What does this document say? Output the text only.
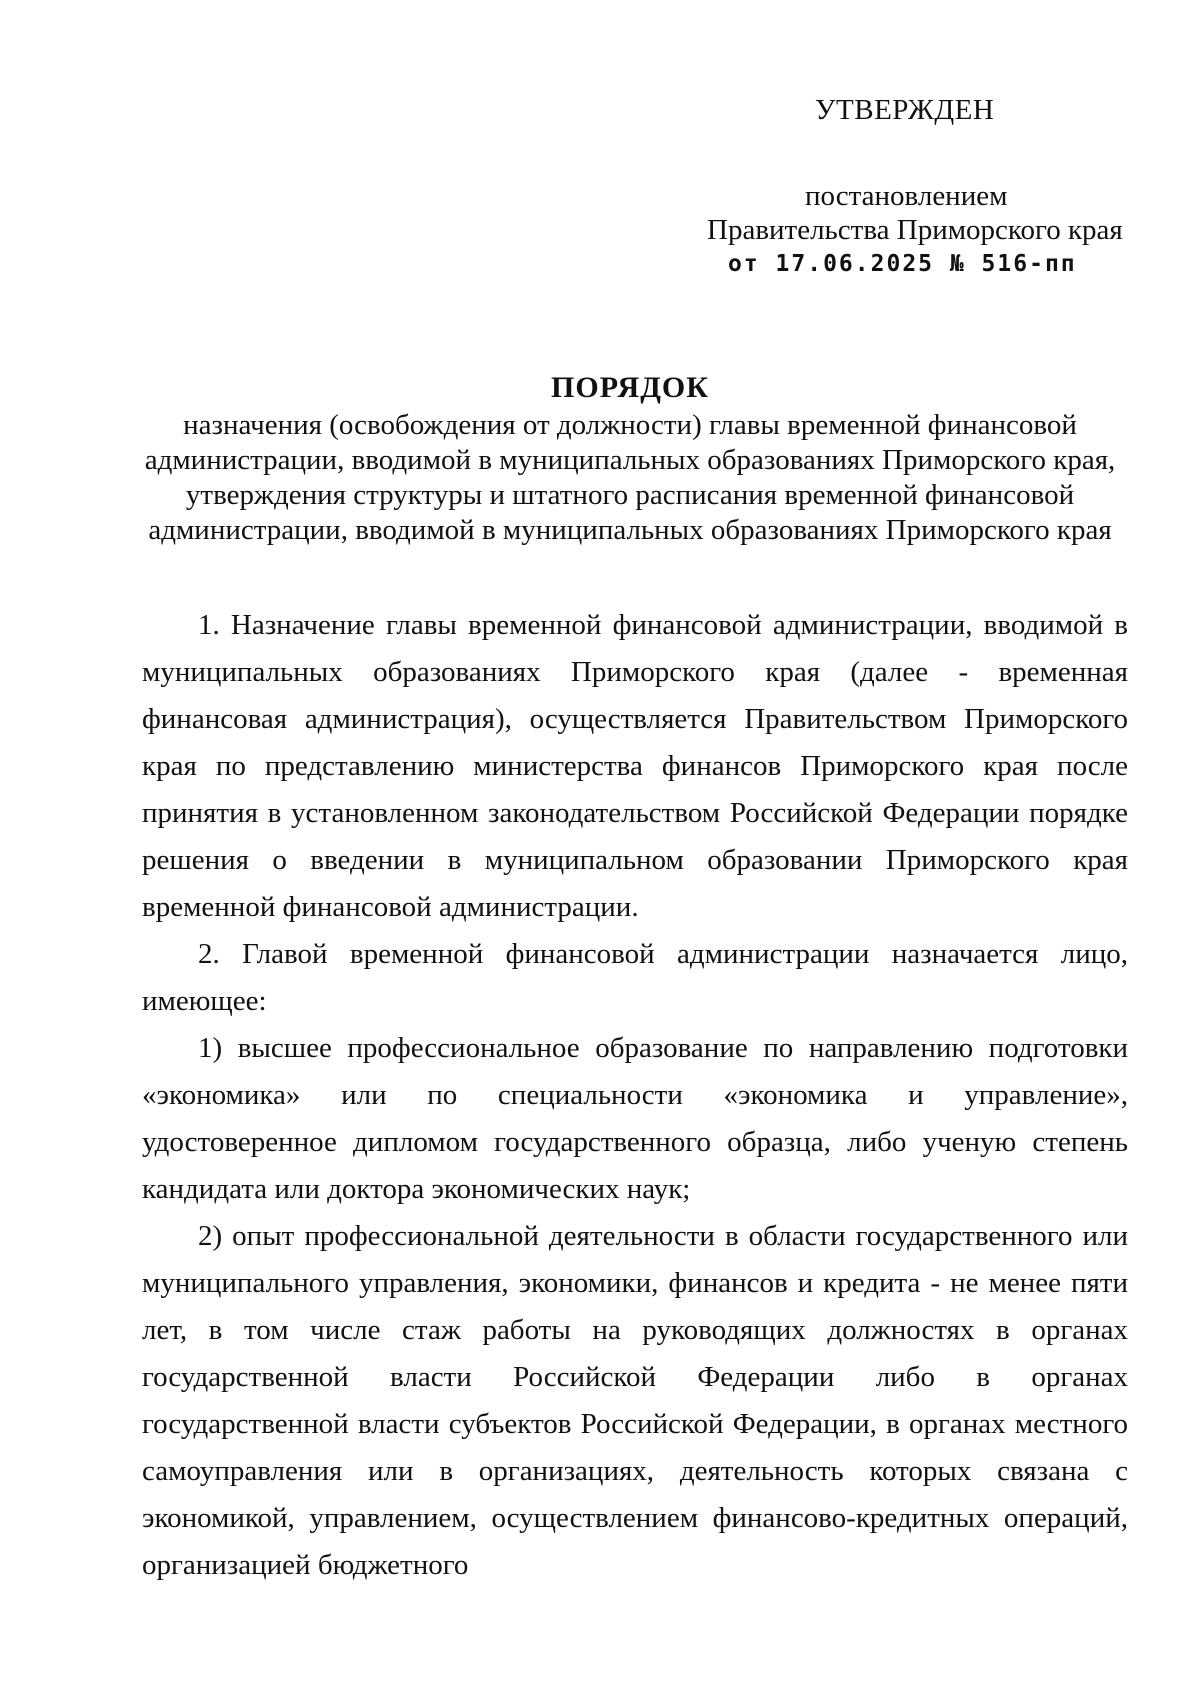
УТВЕРЖДЕН
постановлением
Правительства Приморского края
от 17.06.2025 № 516-пп
ПОРЯДОК
назначения (освобождения от должности) главы временной финансовой
администрации, вводимой в муниципальных образованиях Приморского края,
утверждения структуры и штатного расписания временной финансовой
администрации, вводимой в муниципальных образованиях Приморского края

1. Назначение главы временной финансовой администрации, вводимой в муниципальных образованиях Приморского края (далее - временная финансовая администрация), осуществляется Правительством Приморского края по представлению министерства финансов Приморского края после принятия в установленном законодательством Российской Федерации порядке решения о введении в муниципальном образовании Приморского края временной финансовой администрации.

2. Главой временной финансовой администрации назначается лицо, имеющее:

1) высшее профессиональное образование по направлению подготовки «экономика» или по специальности «экономика и управление», удостоверенное дипломом государственного образца, либо ученую степень кандидата или доктора экономических наук;

2) опыт профессиональной деятельности в области государственного или муниципального управления, экономики, финансов и кредита - не менее пяти лет, в том числе стаж работы на руководящих должностях в органах государственной власти Российской Федерации либо в органах государственной власти субъектов Российской Федерации, в органах местного самоуправления или в организациях, деятельность которых связана с экономикой, управлением, осуществлением финансово-кредитных операций, организацией бюджетного
